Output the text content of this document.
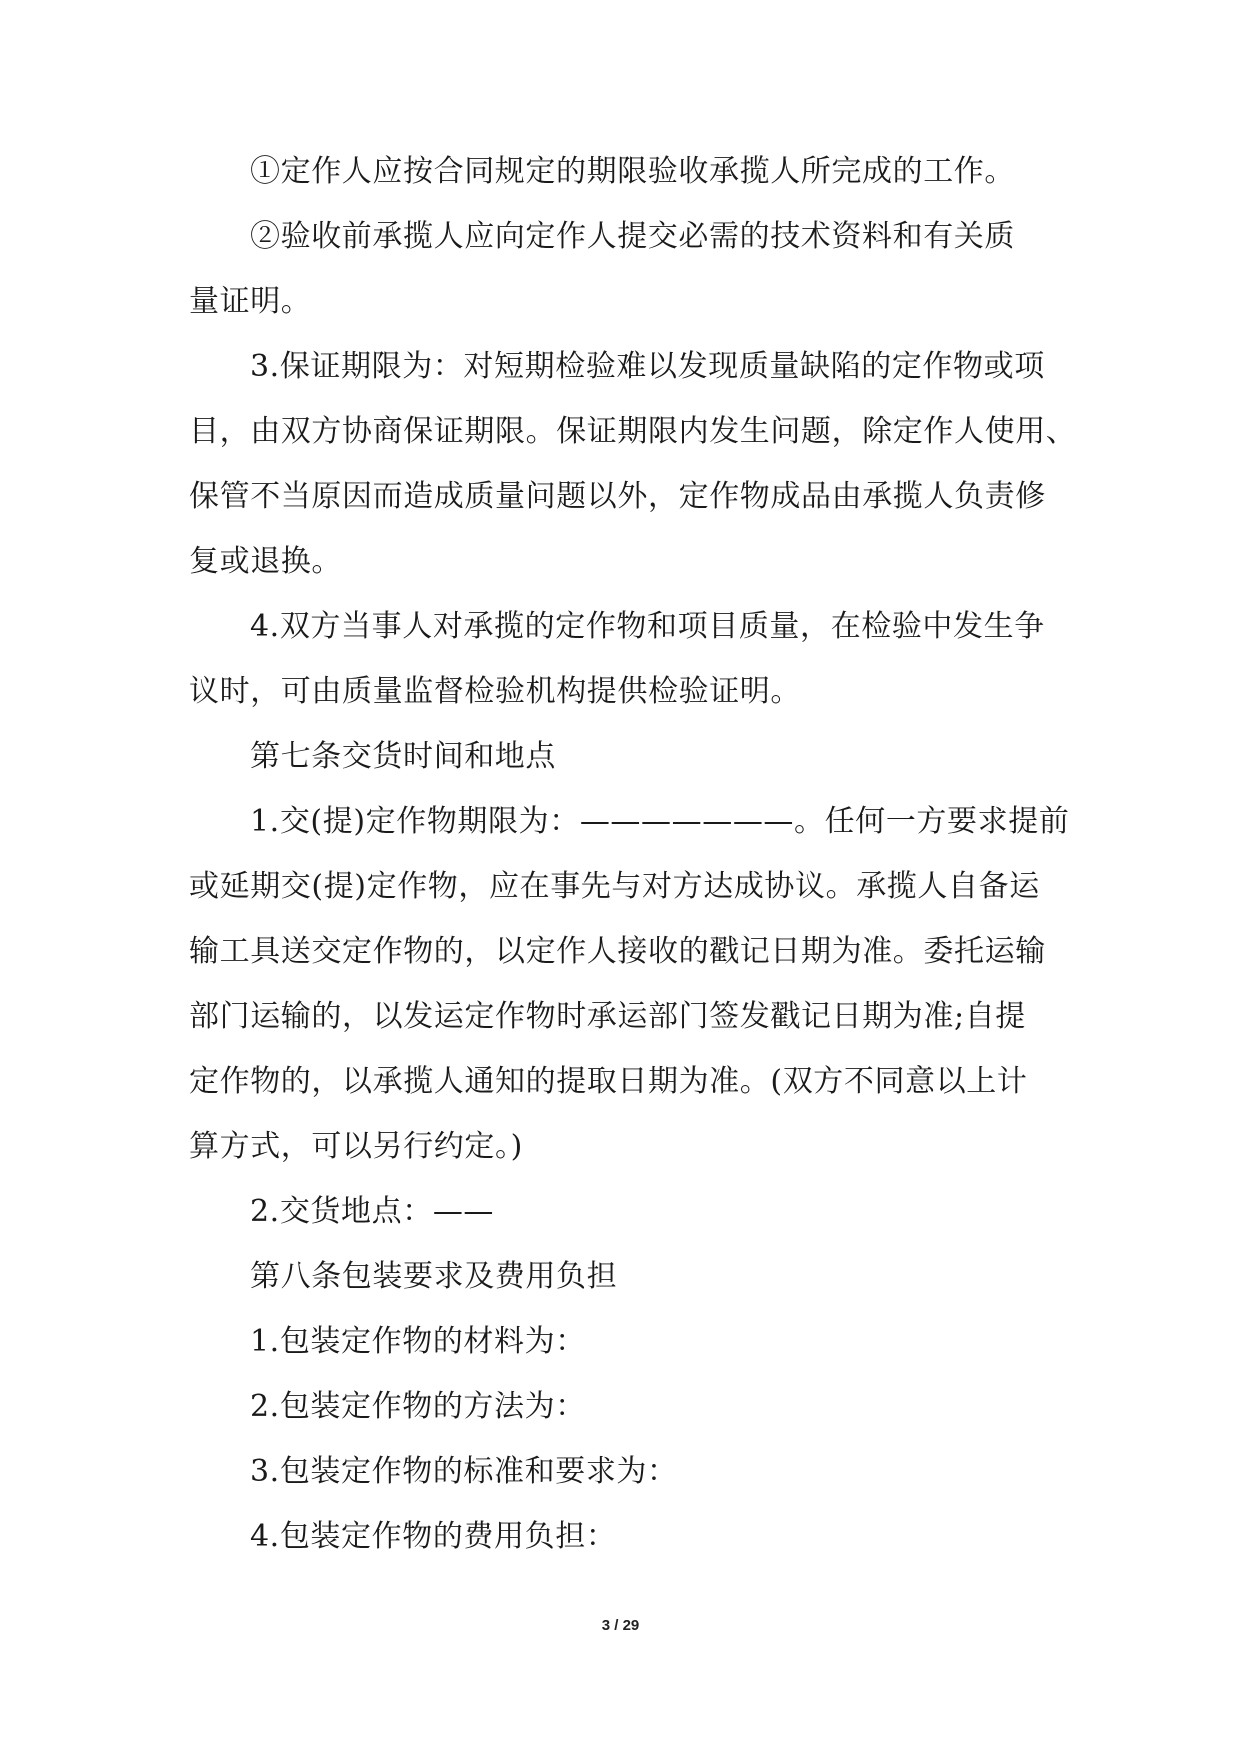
①定作人应按合同规定的期限验收承揽人所完成的工作。
②验收前承揽人应向定作人提交必需的技术资料和有关质
量证明。
3.保证期限为：对短期检验难以发现质量缺陷的定作物或项
目，由双方协商保证期限。保证期限内发生问题，除定作人使用、
保管不当原因而造成质量问题以外，定作物成品由承揽人负责修
复或退换。
4.双方当事人对承揽的定作物和项目质量，在检验中发生争
议时，可由质量监督检验机构提供检验证明。
第七条交货时间和地点
1.交(提)定作物期限为：———————。任何一方要求提前
或延期交(提)定作物，应在事先与对方达成协议。承揽人自备运
输工具送交定作物的，以定作人接收的戳记日期为准。委托运输
部门运输的，以发运定作物时承运部门签发戳记日期为准;自提
定作物的，以承揽人通知的提取日期为准。(双方不同意以上计
算方式，可以另行约定。)
2.交货地点：——
第八条包装要求及费用负担
1.包装定作物的材料为：
2.包装定作物的方法为：
3.包装定作物的标准和要求为：
4.包装定作物的费用负担：
3 / 29
